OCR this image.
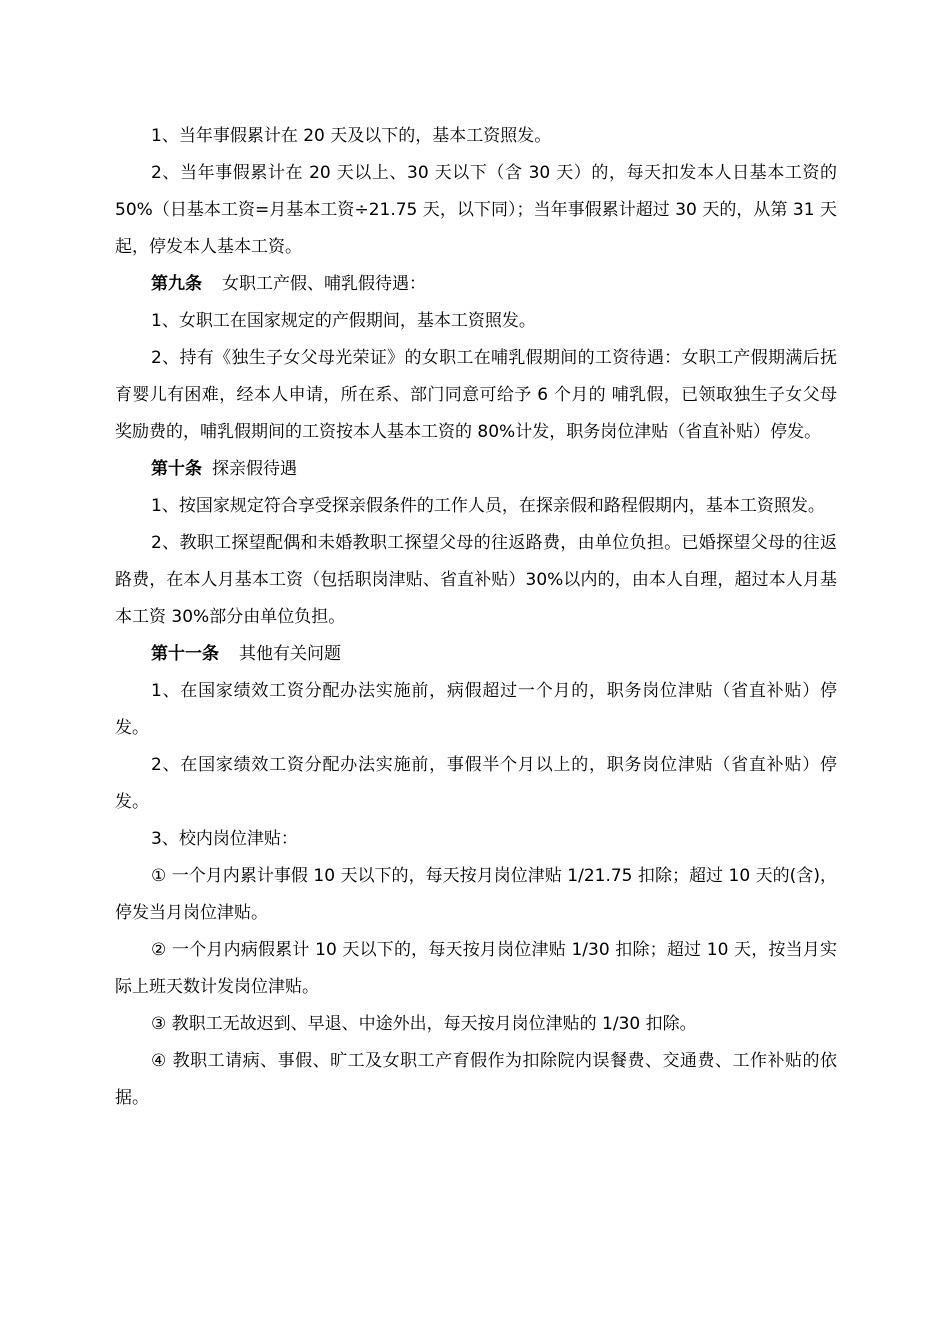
1、当年事假累计在 20 天及以下的，基本工资照发。

2、当年事假累计在 20 天以上、30 天以下（含 30 天）的，每天扣发本人日基本工资的 50%（日基本工资=月基本工资÷21.75 天，以下同）；当年事假累计超过 30 天的，从第 31 天起，停发本人基本工资。

第九条 女职工产假、哺乳假待遇：

1、女职工在国家规定的产假期间，基本工资照发。

2、持有《独生子女父母光荣证》的女职工在哺乳假期间的工资待遇：女职工产假期满后抚育婴儿有困难，经本人申请，所在系、部门同意可给予 6 个月的 哺乳假，已领取独生子女父母奖励费的，哺乳假期间的工资按本人基本工资的 80%计发，职务岗位津贴（省直补贴）停发。

第十条 探亲假待遇

1、按国家规定符合享受探亲假条件的工作人员，在探亲假和路程假期内，基本工资照发。

2、教职工探望配偶和未婚教职工探望父母的往返路费，由单位负担。已婚探望父母的往返路费，在本人月基本工资（包括职岗津贴、省直补贴）30%以内的，由本人自理，超过本人月基本工资 30%部分由单位负担。

第十一条 其他有关问题

1、在国家绩效工资分配办法实施前，病假超过一个月的，职务岗位津贴（省直补贴）停发。

2、在国家绩效工资分配办法实施前，事假半个月以上的，职务岗位津贴（省直补贴）停发。

3、校内岗位津贴：

① 一个月内累计事假 10 天以下的，每天按月岗位津贴 1/21.75 扣除；超过 10 天的(含)，停发当月岗位津贴。

② 一个月内病假累计 10 天以下的，每天按月岗位津贴 1/30 扣除；超过 10 天，按当月实际上班天数计发岗位津贴。

③ 教职工无故迟到、早退、中途外出，每天按月岗位津贴的 1/30 扣除。

④ 教职工请病、事假、旷工及女职工产育假作为扣除院内误餐费、交通费、工作补贴的依据。
